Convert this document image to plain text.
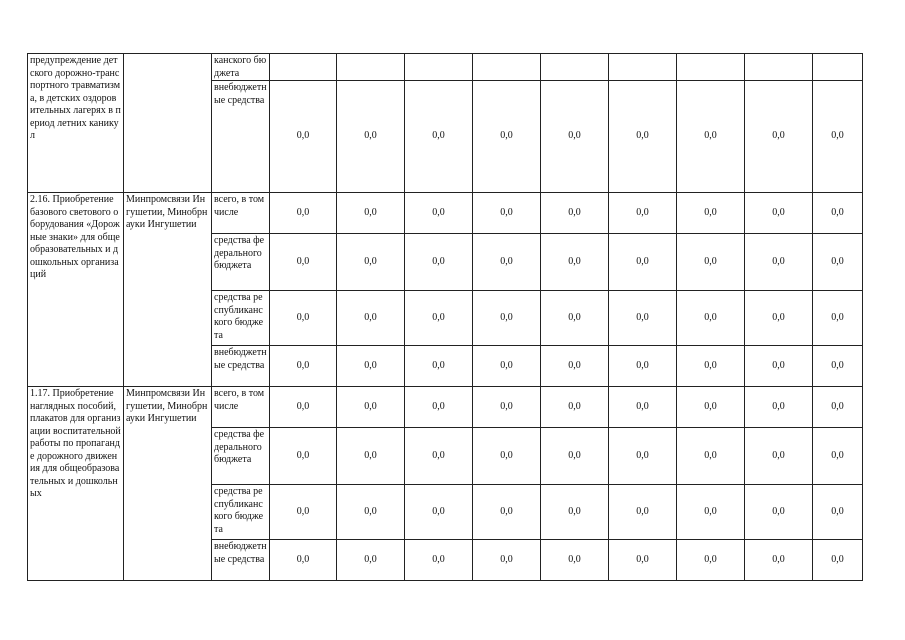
предупреждение детского дорожно-транспортного травматизма, в детских оздоровительных лагерях в период летних каникул		канского бюджета									
		внебюджетные средства	0,0	0,0	0,0	0,0	0,0	0,0	0,0	0,0	0,0
2.16. Приобретение базового светового оборудования «Дорожные знаки» для общеобразовательных и дошкольных организаций	Минпромсвязи Ингушетии, Минобрнауки Ингушетии	всего, в том числе	0,0	0,0	0,0	0,0	0,0	0,0	0,0	0,0	0,0
		средства федерального бюджета	0,0	0,0	0,0	0,0	0,0	0,0	0,0	0,0	0,0
		средства республиканского бюджета	0,0	0,0	0,0	0,0	0,0	0,0	0,0	0,0	0,0
		внебюджетные средства	0,0	0,0	0,0	0,0	0,0	0,0	0,0	0,0	0,0
1.17. Приобретение наглядных пособий, плакатов для организации воспитательной работы по пропаганде дорожного движения для общеобразовательных и дошкольных	Минпромсвязи Ингушетии, Минобрнауки Ингушетии	всего, в том числе	0,0	0,0	0,0	0,0	0,0	0,0	0,0	0,0	0,0
		средства федерального бюджета	0,0	0,0	0,0	0,0	0,0	0,0	0,0	0,0	0,0
		средства республиканского бюджета	0,0	0,0	0,0	0,0	0,0	0,0	0,0	0,0	0,0
		внебюджетные средства	0,0	0,0	0,0	0,0	0,0	0,0	0,0	0,0	0,0
